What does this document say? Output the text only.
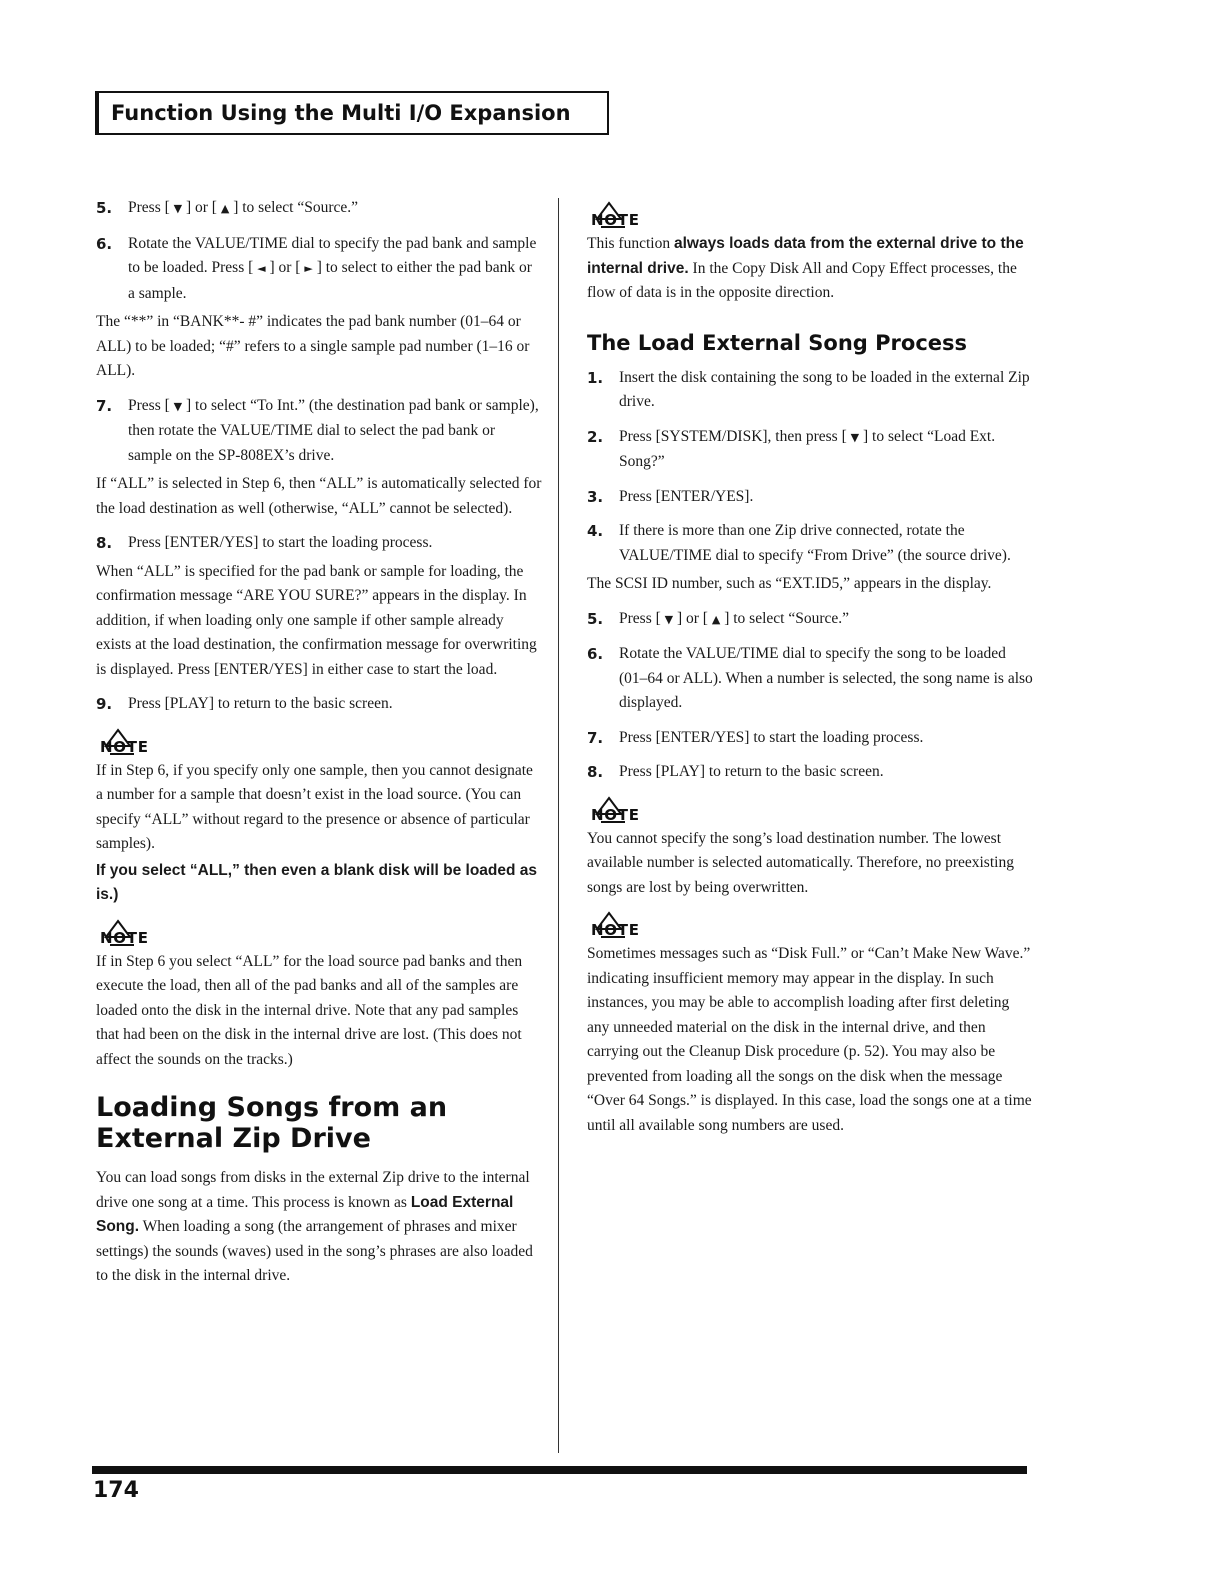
Function Using the Multi I/O Expansion
5. Press [ ▼ ] or [ ▲ ] to select “Source.”
6. Rotate the VALUE/TIME dial to specify the pad bank and sample to be loaded. Press [ ◄ ] or [ ► ] to select to either the pad bank or a sample.

The “**” in “BANK**- #” indicates the pad bank number (01–64 or ALL) to be loaded; “#” refers to a single sample pad number (1–16 or ALL).

7. Press [ ▼ ] to select “To Int.” (the destination pad bank or sample), then rotate the VALUE/TIME dial to select the pad bank or sample on the SP-808EX’s drive.

If “ALL” is selected in Step 6, then “ALL” is automatically selected for the load destination as well (otherwise, “ALL” cannot be selected).

8. Press [ENTER/YES] to start the loading process.

When “ALL” is specified for the pad bank or sample for loading, the confirmation message “ARE YOU SURE?” appears in the display. In addition, if when loading only one sample if other sample already exists at the load destination, the confirmation message for overwriting is displayed. Press [ENTER/YES] in either case to start the load.

9. Press [PLAY] to return to the basic screen.
NOTE

If in Step 6, if you specify only one sample, then you cannot designate a number for a sample that doesn’t exist in the load source. (You can specify “ALL” without regard to the presence or absence of particular samples).

If you select “ALL,” then even a blank disk will be loaded as is.)

NOTE

If in Step 6 you select “ALL” for the load source pad banks and then execute the load, then all of the pad banks and all of the samples are loaded onto the disk in the internal drive. Note that any pad samples that had been on the disk in the internal drive are lost. (This does not affect the sounds on the tracks.)

Loading Songs from an External Zip Drive

You can load songs from disks in the external Zip drive to the internal drive one song at a time. This process is known as Load External Song. When loading a song (the arrangement of phrases and mixer settings) the sounds (waves) used in the song’s phrases are also loaded to the disk in the internal drive.

NOTE

This function always loads data from the external drive to the internal drive. In the Copy Disk All and Copy Effect processes, the flow of data is in the opposite direction.

The Load External Song Process
1. Insert the disk containing the song to be loaded in the external Zip drive.
2. Press [SYSTEM/DISK], then press [ ▼ ] to select “Load Ext. Song?”
3. Press [ENTER/YES].
4. If there is more than one Zip drive connected, rotate the VALUE/TIME dial to specify “From Drive” (the source drive).

The SCSI ID number, such as “EXT.ID5,” appears in the display.

5. Press [ ▼ ] or [ ▲ ] to select “Source.”
6. Rotate the VALUE/TIME dial to specify the song to be loaded (01–64 or ALL). When a number is selected, the song name is also displayed.
7. Press [ENTER/YES] to start the loading process.
8. Press [PLAY] to return to the basic screen.
NOTE

You cannot specify the song’s load destination number. The lowest available number is selected automatically. Therefore, no preexisting songs are lost by being overwritten.

NOTE

Sometimes messages such as “Disk Full.” or “Can’t Make New Wave.” indicating insufficient memory may appear in the display. In such instances, you may be able to accomplish loading after first deleting any unneeded material on the disk in the internal drive, and then carrying out the Cleanup Disk procedure (p. 52). You may also be prevented from loading all the songs on the disk when the message “Over 64 Songs.” is displayed. In this case, load the songs one at a time until all available song numbers are used.

174
